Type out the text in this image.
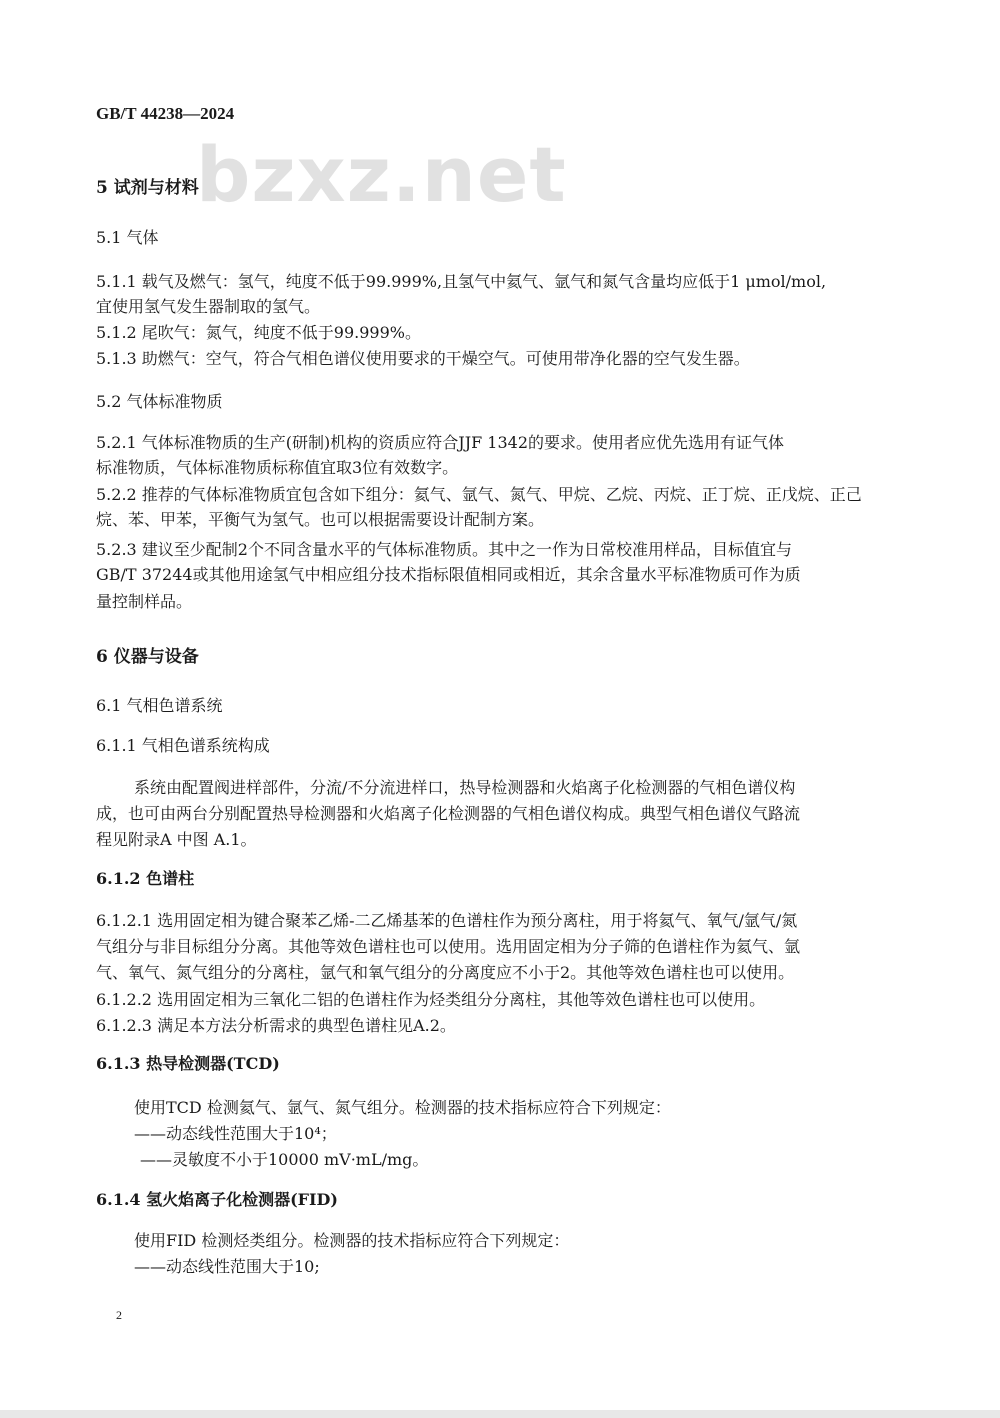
GB/T 44238—2024
bzxz.net
5 试剂与材料
5.1 气体
5.1.1 载气及燃气：氢气，纯度不低于99.999%,且氢气中氦气、氩气和氮气含量均应低于1 μmol/mol,
宜使用氢气发生器制取的氢气。
5.1.2 尾吹气：氮气，纯度不低于99.999%。
5.1.3 助燃气：空气，符合气相色谱仪使用要求的干燥空气。可使用带净化器的空气发生器。
5.2 气体标准物质
5.2.1 气体标准物质的生产(研制)机构的资质应符合JJF 1342的要求。使用者应优先选用有证气体
标准物质，气体标准物质标称值宜取3位有效数字。
5.2.2 推荐的气体标准物质宜包含如下组分：氦气、氩气、氮气、甲烷、乙烷、丙烷、正丁烷、正戊烷、正己
烷、苯、甲苯，平衡气为氢气。也可以根据需要设计配制方案。
5.2.3 建议至少配制2个不同含量水平的气体标准物质。其中之一作为日常校准用样品，目标值宜与
GB/T 37244或其他用途氢气中相应组分技术指标限值相同或相近，其余含量水平标准物质可作为质
量控制样品。
6 仪器与设备
6.1 气相色谱系统
6.1.1 气相色谱系统构成
系统由配置阀进样部件，分流/不分流进样口，热导检测器和火焰离子化检测器的气相色谱仪构
成，也可由两台分别配置热导检测器和火焰离子化检测器的气相色谱仪构成。典型气相色谱仪气路流
程见附录A 中图 A.1。
6.1.2 色谱柱
6.1.2.1 选用固定相为键合聚苯乙烯-二乙烯基苯的色谱柱作为预分离柱，用于将氦气、氧气/氩气/氮
气组分与非目标组分分离。其他等效色谱柱也可以使用。选用固定相为分子筛的色谱柱作为氦气、氩
气、氧气、氮气组分的分离柱，氩气和氧气组分的分离度应不小于2。其他等效色谱柱也可以使用。
6.1.2.2 选用固定相为三氧化二铝的色谱柱作为烃类组分分离柱，其他等效色谱柱也可以使用。
6.1.2.3 满足本方法分析需求的典型色谱柱见A.2。
6.1.3 热导检测器(TCD)
使用TCD 检测氦气、氩气、氮气组分。检测器的技术指标应符合下列规定：
——动态线性范围大于10⁴；
——灵敏度不小于10000 mV·mL/mg。
6.1.4 氢火焰离子化检测器(FID)
使用FID 检测烃类组分。检测器的技术指标应符合下列规定：
——动态线性范围大于10;
2
